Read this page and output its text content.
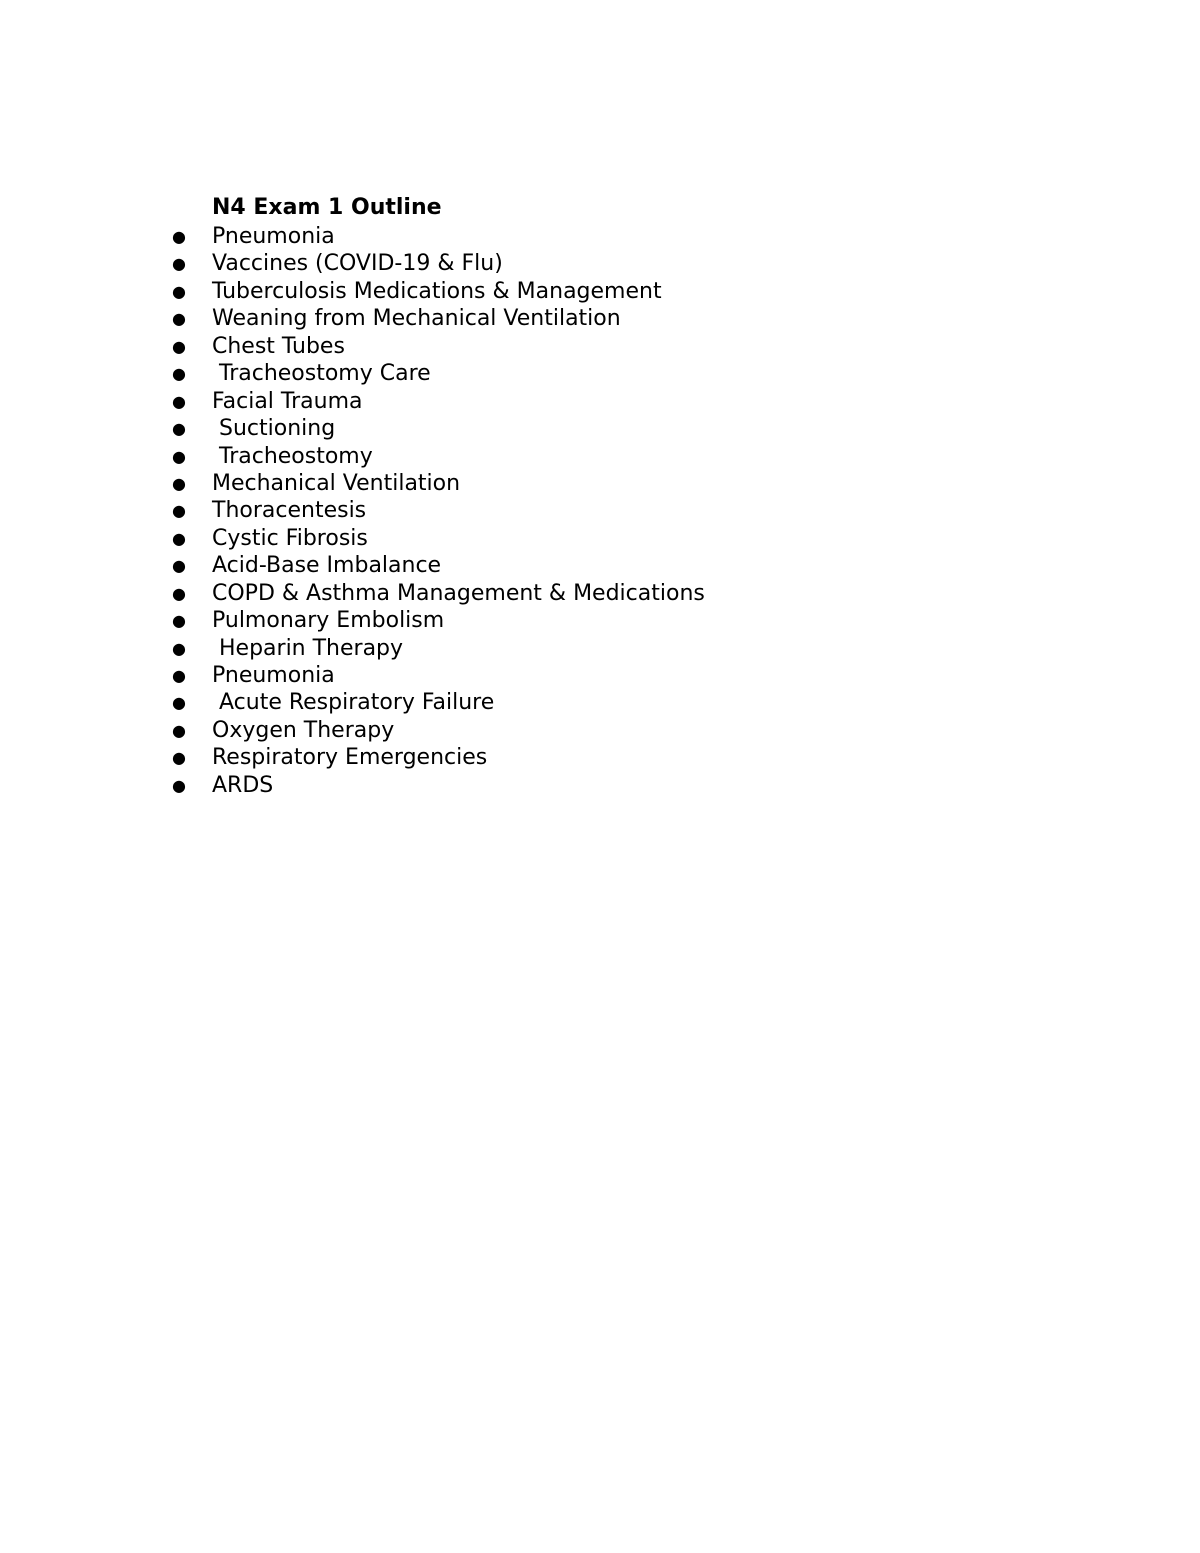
N4 Exam 1 Outline
● Pneumonia
● Vaccines (COVID-19 & Flu)
● Tuberculosis Medications & Management
● Weaning from Mechanical Ventilation
● Chest Tubes
● Tracheostomy Care
● Facial Trauma
● Suctioning
● Tracheostomy
● Mechanical Ventilation
● Thoracentesis
● Cystic Fibrosis
● Acid-Base Imbalance
● COPD & Asthma Management & Medications
● Pulmonary Embolism
● Heparin Therapy
● Pneumonia
● Acute Respiratory Failure
● Oxygen Therapy
● Respiratory Emergencies
● ARDS
